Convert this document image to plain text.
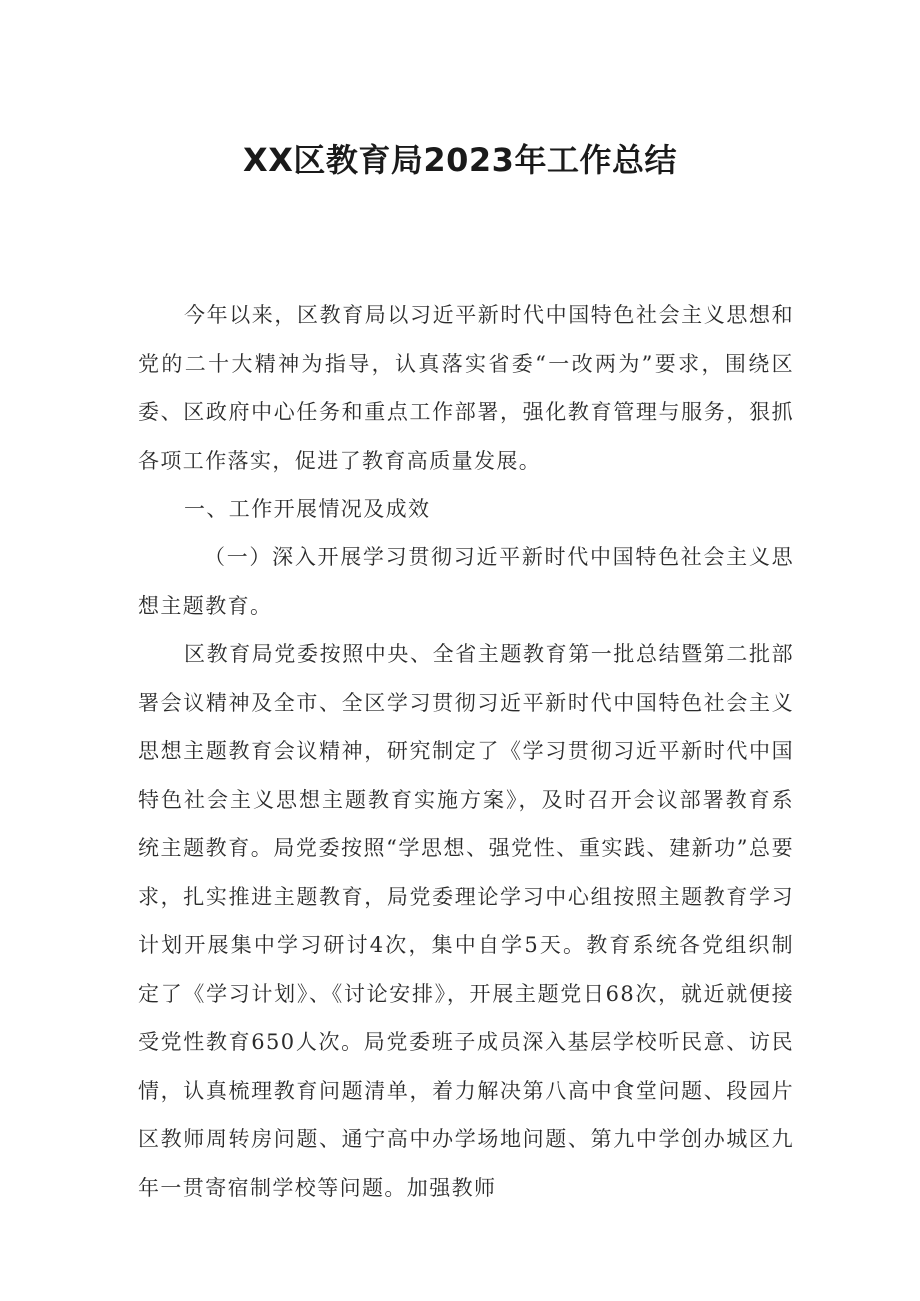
XX区教育局2023年工作总结
今年以来，区教育局以习近平新时代中国特色社会主义思想和党的二十大精神为指导，认真落实省委“一改两为”要求，围绕区委、区政府中心任务和重点工作部署，强化教育管理与服务，狠抓各项工作落实，促进了教育高质量发展。
一、工作开展情况及成效
（一）深入开展学习贯彻习近平新时代中国特色社会主义思想主题教育。
区教育局党委按照中央、全省主题教育第一批总结暨第二批部署会议精神及全市、全区学习贯彻习近平新时代中国特色社会主义思想主题教育会议精神，研究制定了《学习贯彻习近平新时代中国特色社会主义思想主题教育实施方案》，及时召开会议部署教育系统主题教育。局党委按照“学思想、强党性、重实践、建新功”总要求，扎实推进主题教育，局党委理论学习中心组按照主题教育学习计划开展集中学习研讨4次，集中自学5天。教育系统各党组织制定了《学习计划》、《讨论安排》，开展主题党日68次，就近就便接受党性教育650人次。局党委班子成员深入基层学校听民意、访民情，认真梳理教育问题清单，着力解决第八高中食堂问题、段园片区教师周转房问题、通宁高中办学场地问题、第九中学创办城区九年一贯寄宿制学校等问题。加强教师
